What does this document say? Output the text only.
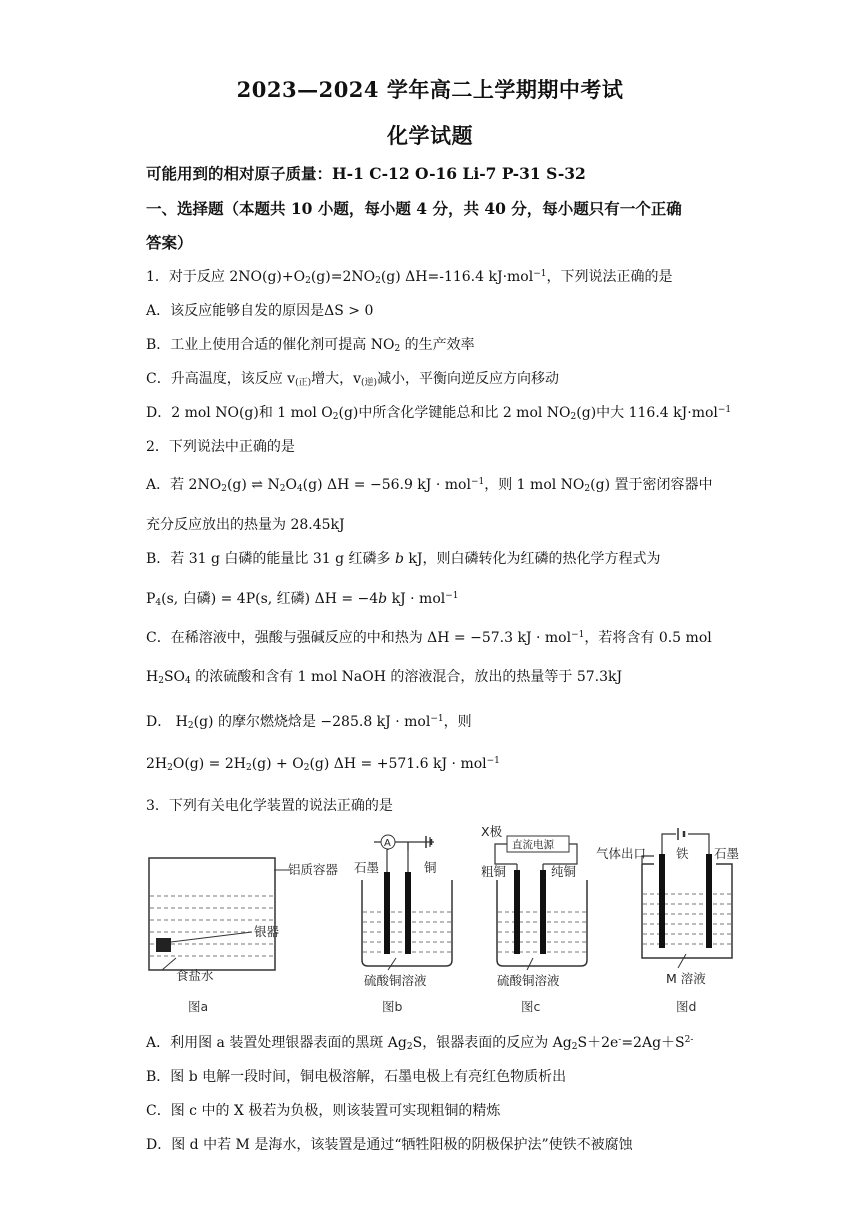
2023—2024 学年高二上学期期中考试
化学试题
可能用到的相对原子质量：H-1 C-12 O-16 Li-7 P-31 S-32
一、选择题（本题共 10 小题，每小题 4 分，共 40 分，每小题只有一个正确
答案）
1．对于反应 $2NO(g)+O_2(g)=2NO_2(g)$ ΔH=-116.4 kJ·mol$^{-1}$，下列说法正确的是
A．该反应能够自发的原因是ΔS > 0
B．工业上使用合适的催化剂可提高 $NO_2$ 的生产效率
C．升高温度，该反应 $v_{(正)}$增大，$v_{(逆)}$减小，平衡向逆反应方向移动
D．2 mol NO(g)和 1 mol $O_2(g)$中所含化学键能总和比 2 mol $NO_2(g)$中大 116.4 kJ·mol$^{-1}$
2．下列说法中正确的是
A．若 $2NO_2(g)$ ⇌ $N_2O_4(g) \Delta H = -56.9$ kJ · mol$^{-1}$，则 1 mol $NO_2(g)$ 置于密闭容器中
充分反应放出的热量为 28.45kJ
B．若 31 g 白磷的能量比 31 g 红磷多 b kJ，则白磷转化为红磷的热化学方程式为
$P_4(s$, 白磷) = 4P(s, 红磷) ΔH = −4b kJ · mol$^{-1}$
C．在稀溶液中，强酸与强碱反应的中和热为 ΔH = −57.3 kJ · mol$^{-1}$，若将含有 0.5 mol
$H_2SO_4$ 的浓硫酸和含有 1 mol NaOH 的溶液混合，放出的热量等于 57.3kJ
D． $H_2(g)$ 的摩尔燃烧焓是 −285.8 kJ · mol$^{-1}$，则
$2H_2O(g) = 2H_2(g) + O_2(g) \Delta H = +571.6$ kJ · mol$^{-1}$
3．下列有关电化学装置的说法正确的是
铝质容器
银器
食盐水
图a
A
石墨	铜
硫酸铜溶液
图b
X极
直流电源
粗铜	纯铜
硫酸铜溶液
图c
气体出口 铁 石墨
M 溶液
图d
A．利用图 a 装置处理银器表面的黑斑 $Ag_2S$，银器表面的反应为 $Ag_2S+2e^-=2Ag+S^{2-}$
B．图 b 电解一段时间，铜电极溶解，石墨电极上有亮红色物质析出
C．图 c 中的 X 极若为负极，则该装置可实现粗铜的精炼
D．图 d 中若 M 是海水，该装置是通过“牺牲阳极的阴极保护法”使铁不被腐蚀
